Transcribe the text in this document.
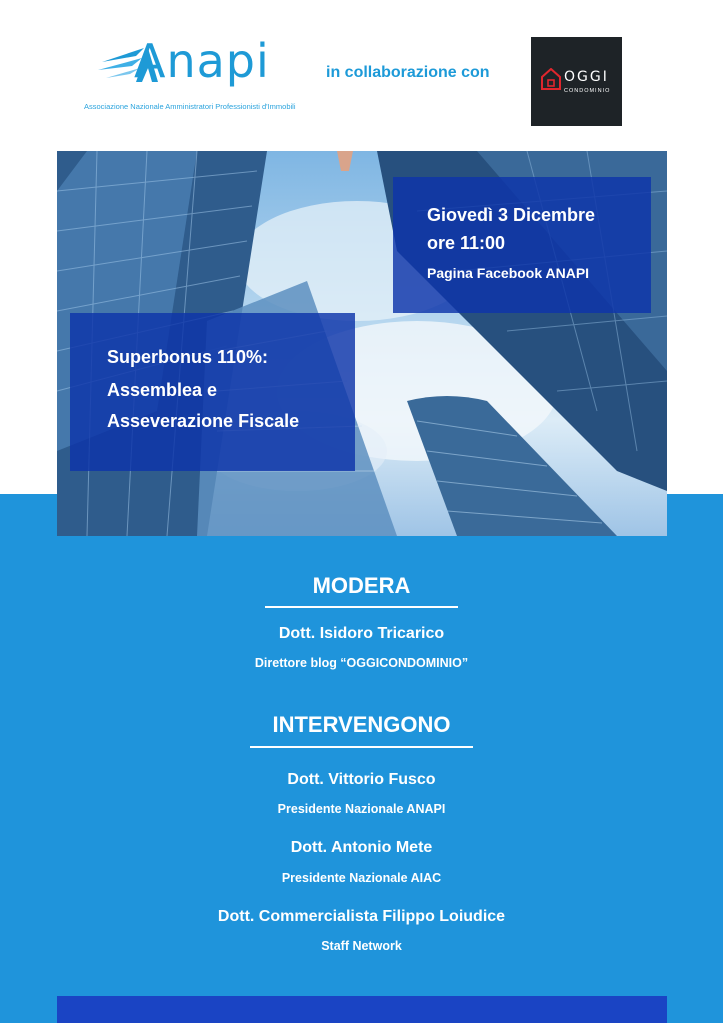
Anapi
Associazione Nazionale Amministratori Professionisti d'Immobili
in collaborazione con	OGGI
CONDOMINIO
Giovedì 3 Dicembre
ore 11:00
Pagina Facebook ANAPI
Superbonus 110%:
Assemblea e
Asseverazione Fiscale
MODERA
Dott. Isidoro Tricarico
Direttore blog “OGGICONDOMINIO”
INTERVENGONO
Dott. Vittorio Fusco
Presidente Nazionale ANAPI
Dott. Antonio Mete
Presidente Nazionale AIAC
Dott. Commercialista Filippo Loiudice
Staff Network
